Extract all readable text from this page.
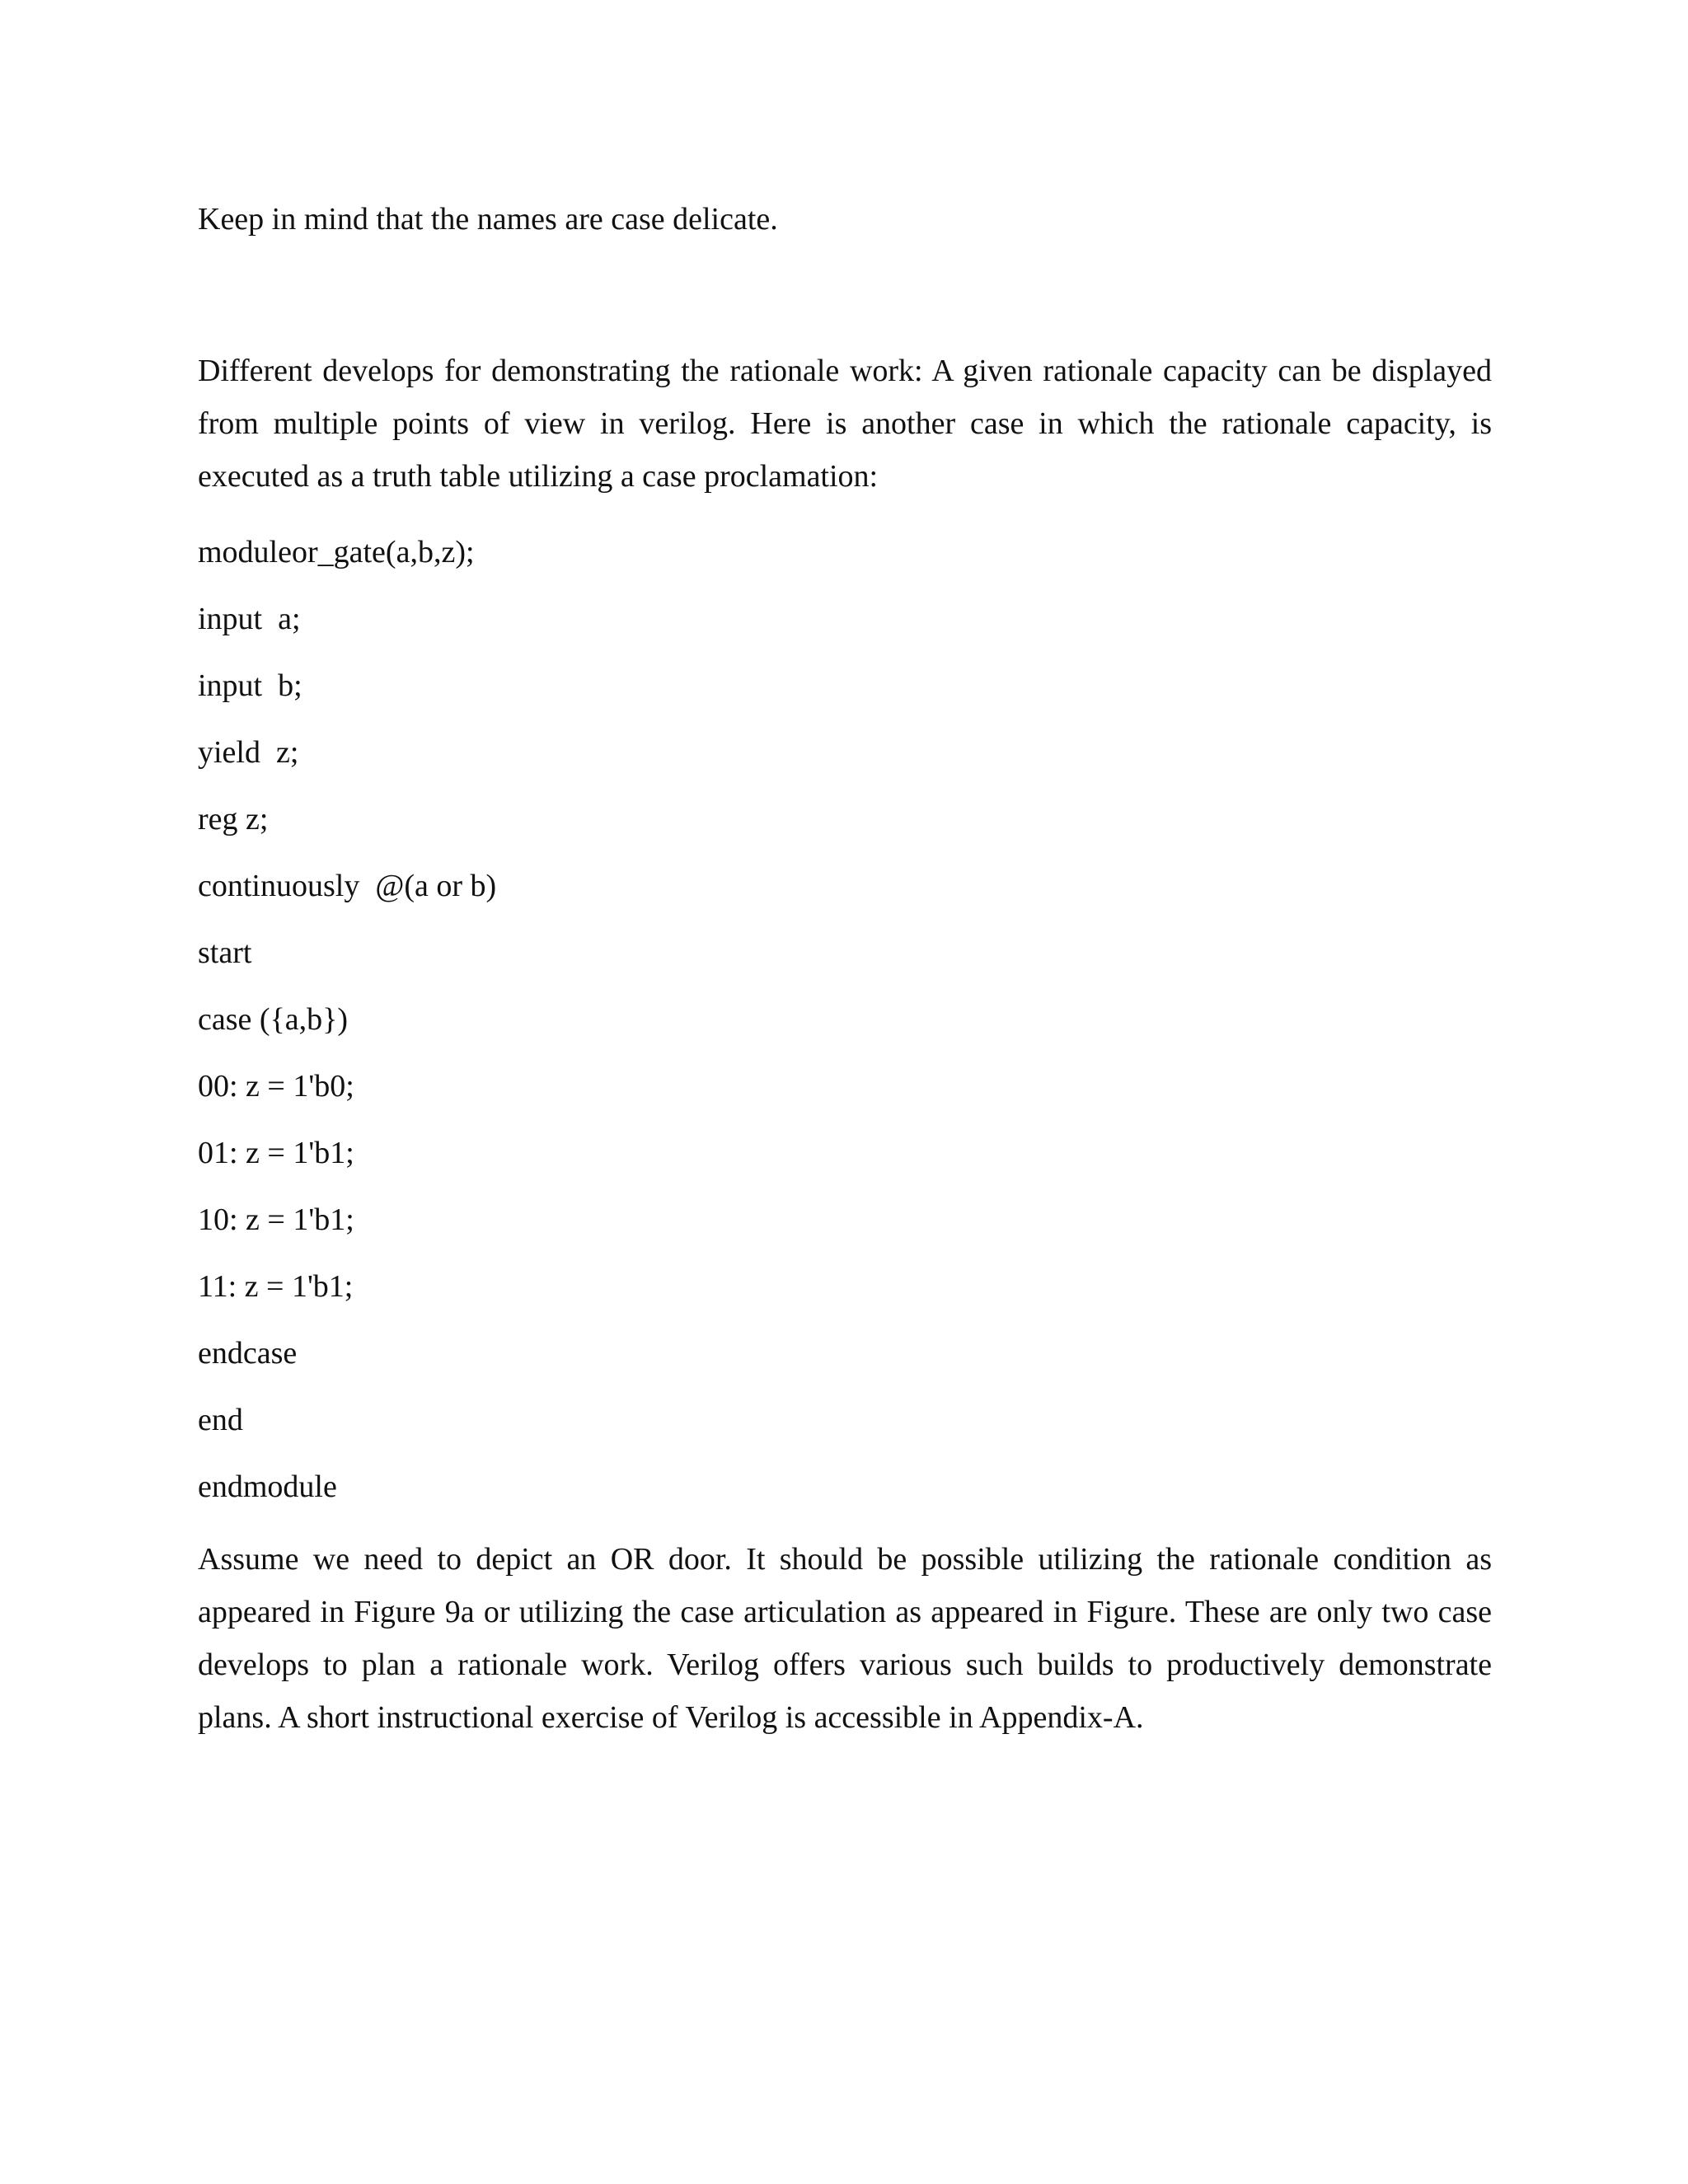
Keep in mind that the names are case delicate.

Different develops for demonstrating the rationale work: A given rationale capacity can be displayed from multiple points of view in verilog. Here is another case in which the rationale capacity, is executed as a truth table utilizing a case proclamation:

moduleor_gate(a,b,z);
input  a;
input  b;
yield  z;
reg z;
continuously  @(a or b)
start
case ({a,b})
00: z = 1'b0;
01: z = 1'b1;
10: z = 1'b1;
11: z = 1'b1;
endcase
end
endmodule

Assume we need to depict an OR door. It should be possible utilizing the rationale condition as appeared in Figure 9a or utilizing the case articulation as appeared in Figure. These are only two case develops to plan a rationale work. Verilog offers various such builds to productively demonstrate plans. A short instructional exercise of Verilog is accessible in Appendix-A.
